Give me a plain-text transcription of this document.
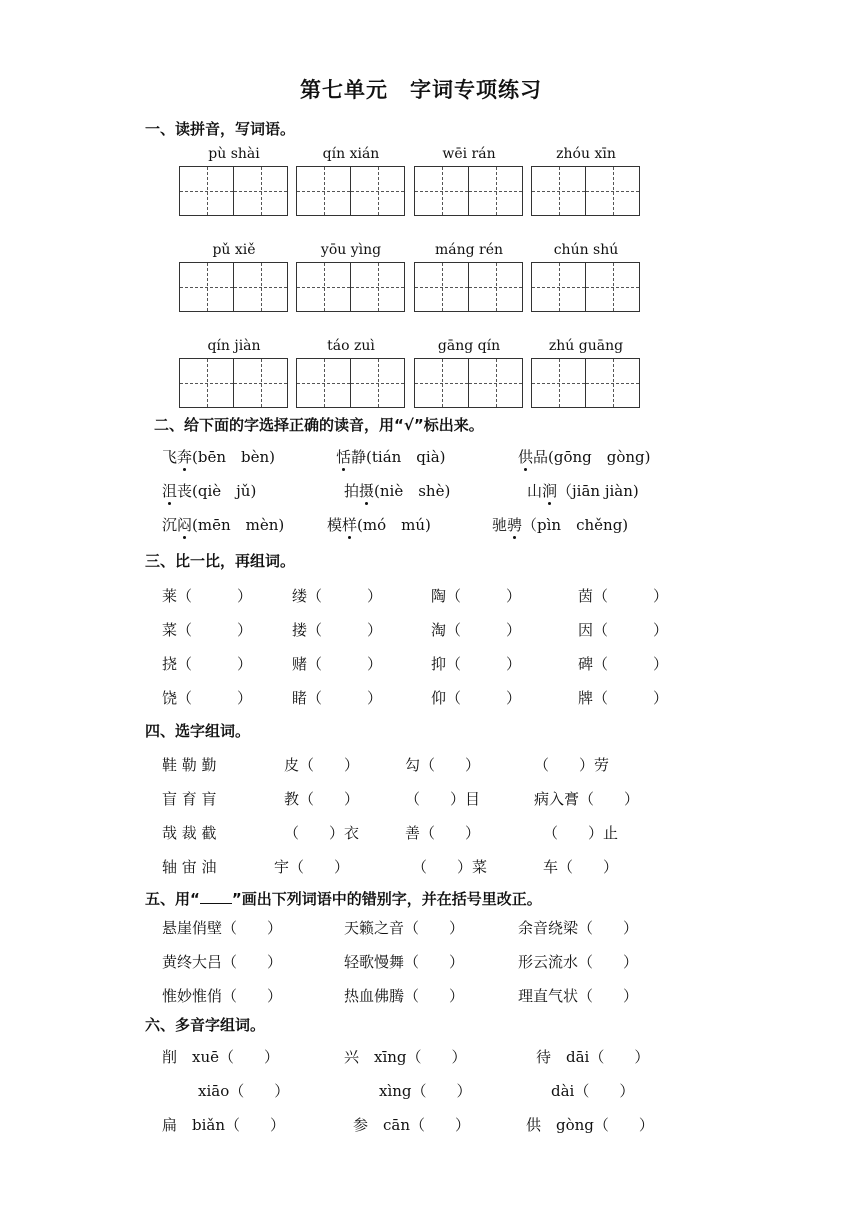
第七单元　字词专项练习
一、读拼音，写词语。
pù shài	qín xián	wēi rán	zhóu xīn
pǔ xiě	yōu yìng	máng rén	chún shú
qín jiàn	táo zuì	gāng qín	zhú guāng
二、给下面的字选择正确的读音，用“√”标出来。
飞奔(bēn　bèn)	恬静(tián　qià)	供品(gōng　gòng)
沮丧(qiè　jǔ)	拍摄(niè　shè)	山涧（jiān jiàn)
沉闷(mēn　mèn)	模样(mó　mú)	驰骋（pìn　chěng)
三、比一比，再组词。
莱（　　　）	缕（　　　）	陶（　　　）	茵（　　　）
菜（　　　）	搂（　　　）	淘（　　　）	因（　　　）
挠（　　　）	赌（　　　）	抑（　　　）	碑（　　　）
饶（　　　）	睹（　　　）	仰（　　　）	牌（　　　）
四、选字组词。
鞋 勒 勤	皮（　　）	勾（　　）	（　　）劳
盲 育 肓	教（　　）	（　　）目	病入膏（　　）
哉 裁 截	（　　）衣	善（　　）	（　　）止
轴 宙 油	宇（　　）	（　　）菜	车（　　）
五、用“ ”画出下列词语中的错别字，并在括号里改正。
悬崖俏壁（　　）	天籁之音（　　）	余音绕梁（　　）
黄终大吕（　　）	轻歌慢舞（　　）	形云流水（　　）
惟妙惟俏（　　）	热血佛腾（　　）	理直气状（　　）
六、多音字组词。
削　xuē（　　）	兴　xīng（　　）	待　dāi（　　）
xiāo（　　）	xìng（　　）	dài（　　）
扁　biǎn（　　）	参　cān（　　）	供　gòng（　　）
